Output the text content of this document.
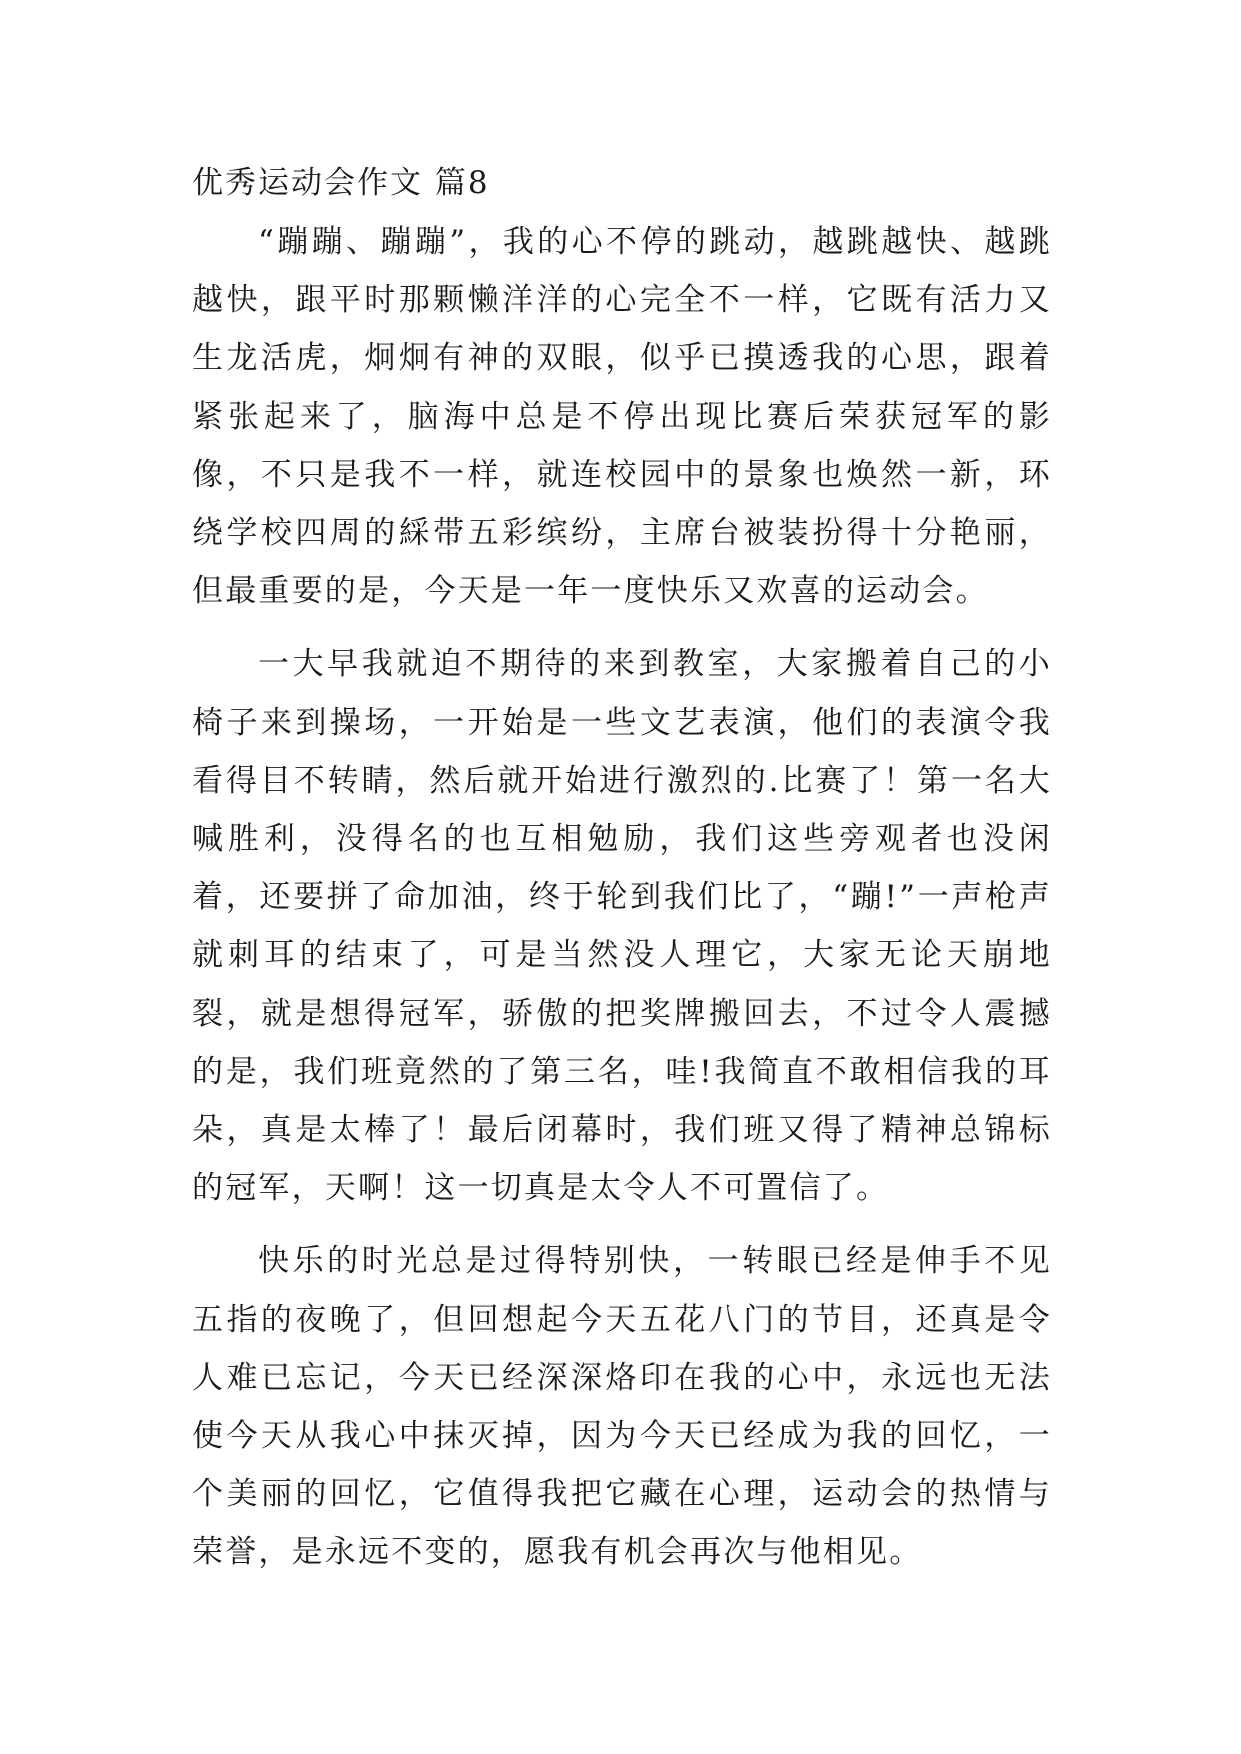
优秀运动会作文 篇8

“蹦蹦、蹦蹦”，我的心不停的跳动，越跳越快、越跳越快，跟平时那颗懒洋洋的心完全不一样，它既有活力又生龙活虎，炯炯有神的双眼，似乎已摸透我的心思，跟着紧张起来了，脑海中总是不停出现比赛后荣获冠军的影像，不只是我不一样，就连校园中的景象也焕然一新，环绕学校四周的綵带五彩缤纷，主席台被装扮得十分艳丽，但最重要的是，今天是一年一度快乐又欢喜的运动会。

一大早我就迫不期待的来到教室，大家搬着自己的小椅子来到操场，一开始是一些文艺表演，他们的表演令我看得目不转睛，然后就开始进行激烈的.比赛了！第一名大喊胜利，没得名的也互相勉励，我们这些旁观者也没闲着，还要拼了命加油，终于轮到我们比了，“蹦!”一声枪声就刺耳的结束了，可是当然没人理它，大家无论天崩地裂，就是想得冠军，骄傲的把奖牌搬回去，不过令人震撼的是，我们班竟然的了第三名，哇!我简直不敢相信我的耳朵，真是太棒了！最后闭幕时，我们班又得了精神总锦标的冠军，天啊！这一切真是太令人不可置信了。

快乐的时光总是过得特别快，一转眼已经是伸手不见五指的夜晚了，但回想起今天五花八门的节目，还真是令人难已忘记，今天已经深深烙印在我的心中，永远也无法使今天从我心中抹灭掉，因为今天已经成为我的回忆，一个美丽的回忆，它值得我把它藏在心理，运动会的热情与荣誉，是永远不变的，愿我有机会再次与他相见。
